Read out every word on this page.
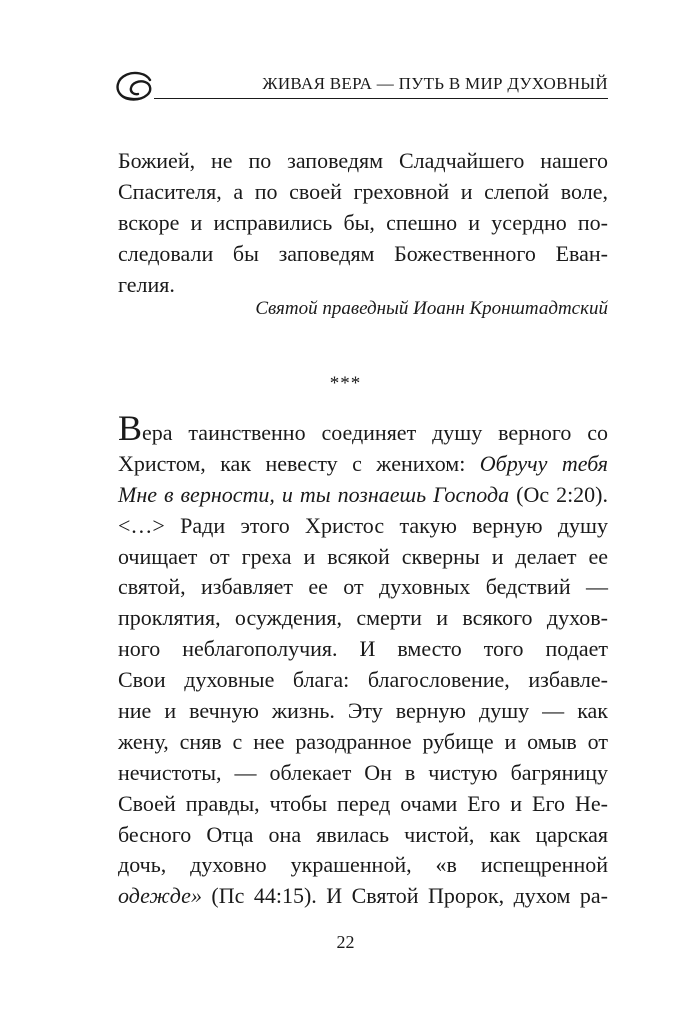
ЖИВАЯ ВЕРА — ПУТЬ В МИР ДУХОВНЫЙ
Божией, не по заповедям Сладчайшего нашего
Спасителя, а по своей греховной и слепой воле,
вскоре и исправились бы, спешно и усердно по-
следовали бы заповедям Божественного Еван-
гелия.
Святой праведный Иоанн Кронштадтский
***
Вера таинственно соединяет душу верного со
Христом, как невесту с женихом: Обручу тебя
Мне в верности, и ты познаешь Господа (Ос 2:20).
<…> Ради этого Христос такую верную душу
очищает от греха и всякой скверны и делает ее
святой, избавляет ее от духовных бедствий —
проклятия, осуждения, смерти и всякого духов-
ного неблагополучия. И вместо того подает
Свои духовные блага: благословение, избавле-
ние и вечную жизнь. Эту верную душу — как
жену, сняв с нее разодранное рубище и омыв от
нечистоты, — облекает Он в чистую багряницу
Своей правды, чтобы перед очами Его и Его Не-
бесного Отца она явилась чистой, как царская
дочь, духовно украшенной, «в испещренной
одежде» (Пс 44:15). И Святой Пророк, духом ра-
22
